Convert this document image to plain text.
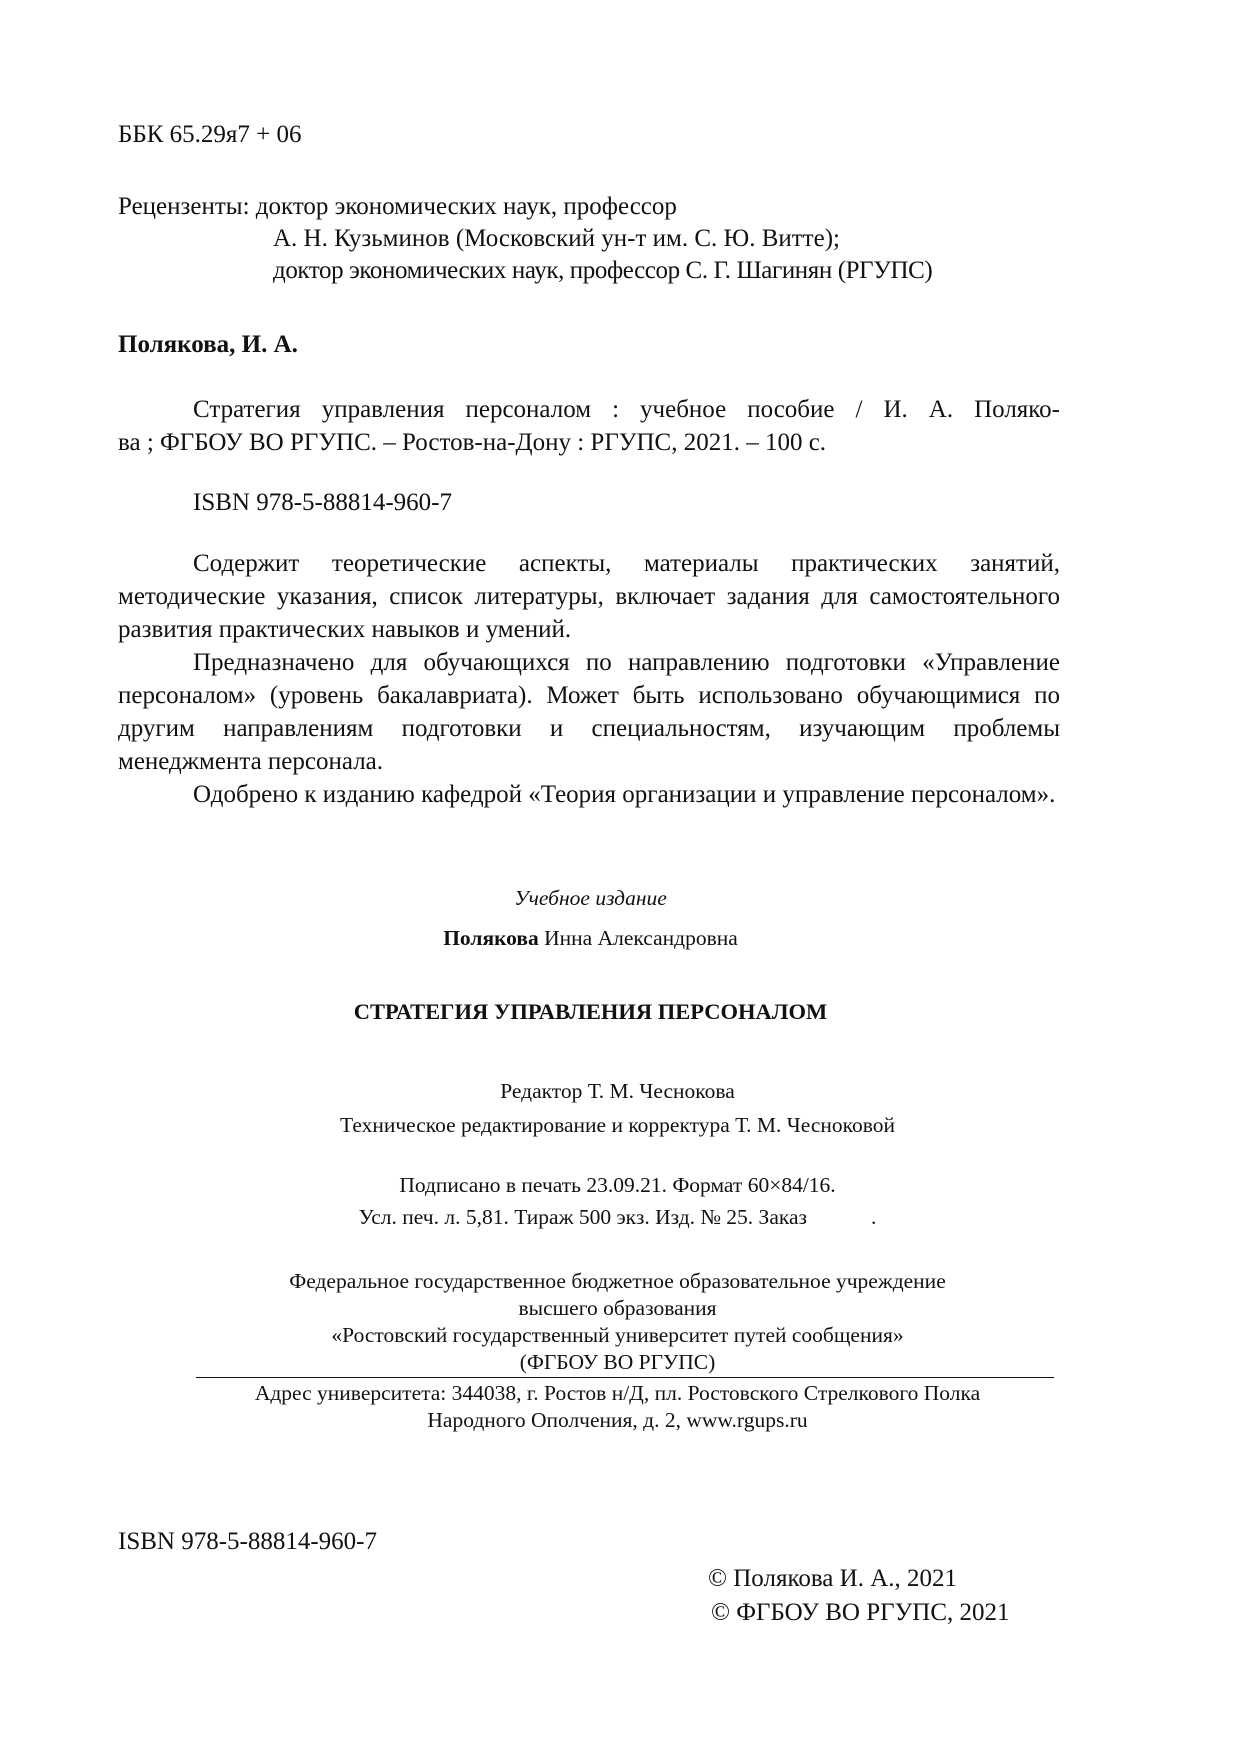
ББК 65.29я7 + 06
Рецензенты: доктор экономических наук, профессор
А. Н. Кузьминов (Московский ун-т им. С. Ю. Витте);
доктор экономических наук, профессор С. Г. Шагинян (РГУПС)
Полякова, И. А.
Стратегия управления персоналом : учебное пособие / И. А. Поляко-
ва ; ФГБОУ ВО РГУПС. – Ростов-на-Дону : РГУПС, 2021. – 100 с.
ISBN 978-5-88814-960-7

Содержит теоретические аспекты, материалы практических занятий, методические указания, список литературы, включает задания для самостоятельного развития практических навыков и умений.

Предназначено для обучающихся по направлению подготовки «Управление персоналом» (уровень бакалавриата). Может быть использовано обучающимися по другим направлениям подготовки и специальностям, изучающим проблемы менеджмента персонала.

Одобрено к изданию кафедрой «Теория организации и управление персоналом».

Учебное издание
Полякова Инна Александровна
СТРАТЕГИЯ УПРАВЛЕНИЯ ПЕРСОНАЛОМ
Редактор Т. М. Чеснокова
Техническое редактирование и корректура Т. М. Чесноковой
Подписано в печать 23.09.21. Формат 60×84/16.
Усл. печ. л. 5,81. Тираж 500 экз. Изд. № 25. Заказ	.
Федеральное государственное бюджетное образовательное учреждение
высшего образования
«Ростовский государственный университет путей сообщения»
(ФГБОУ ВО РГУПС)
Адрес университета: 344038, г. Ростов н/Д, пл. Ростовского Стрелкового Полка
Народного Ополчения, д. 2, www.rgups.ru
ISBN 978-5-88814-960-7
© Полякова И. А., 2021
© ФГБОУ ВО РГУПС, 2021
